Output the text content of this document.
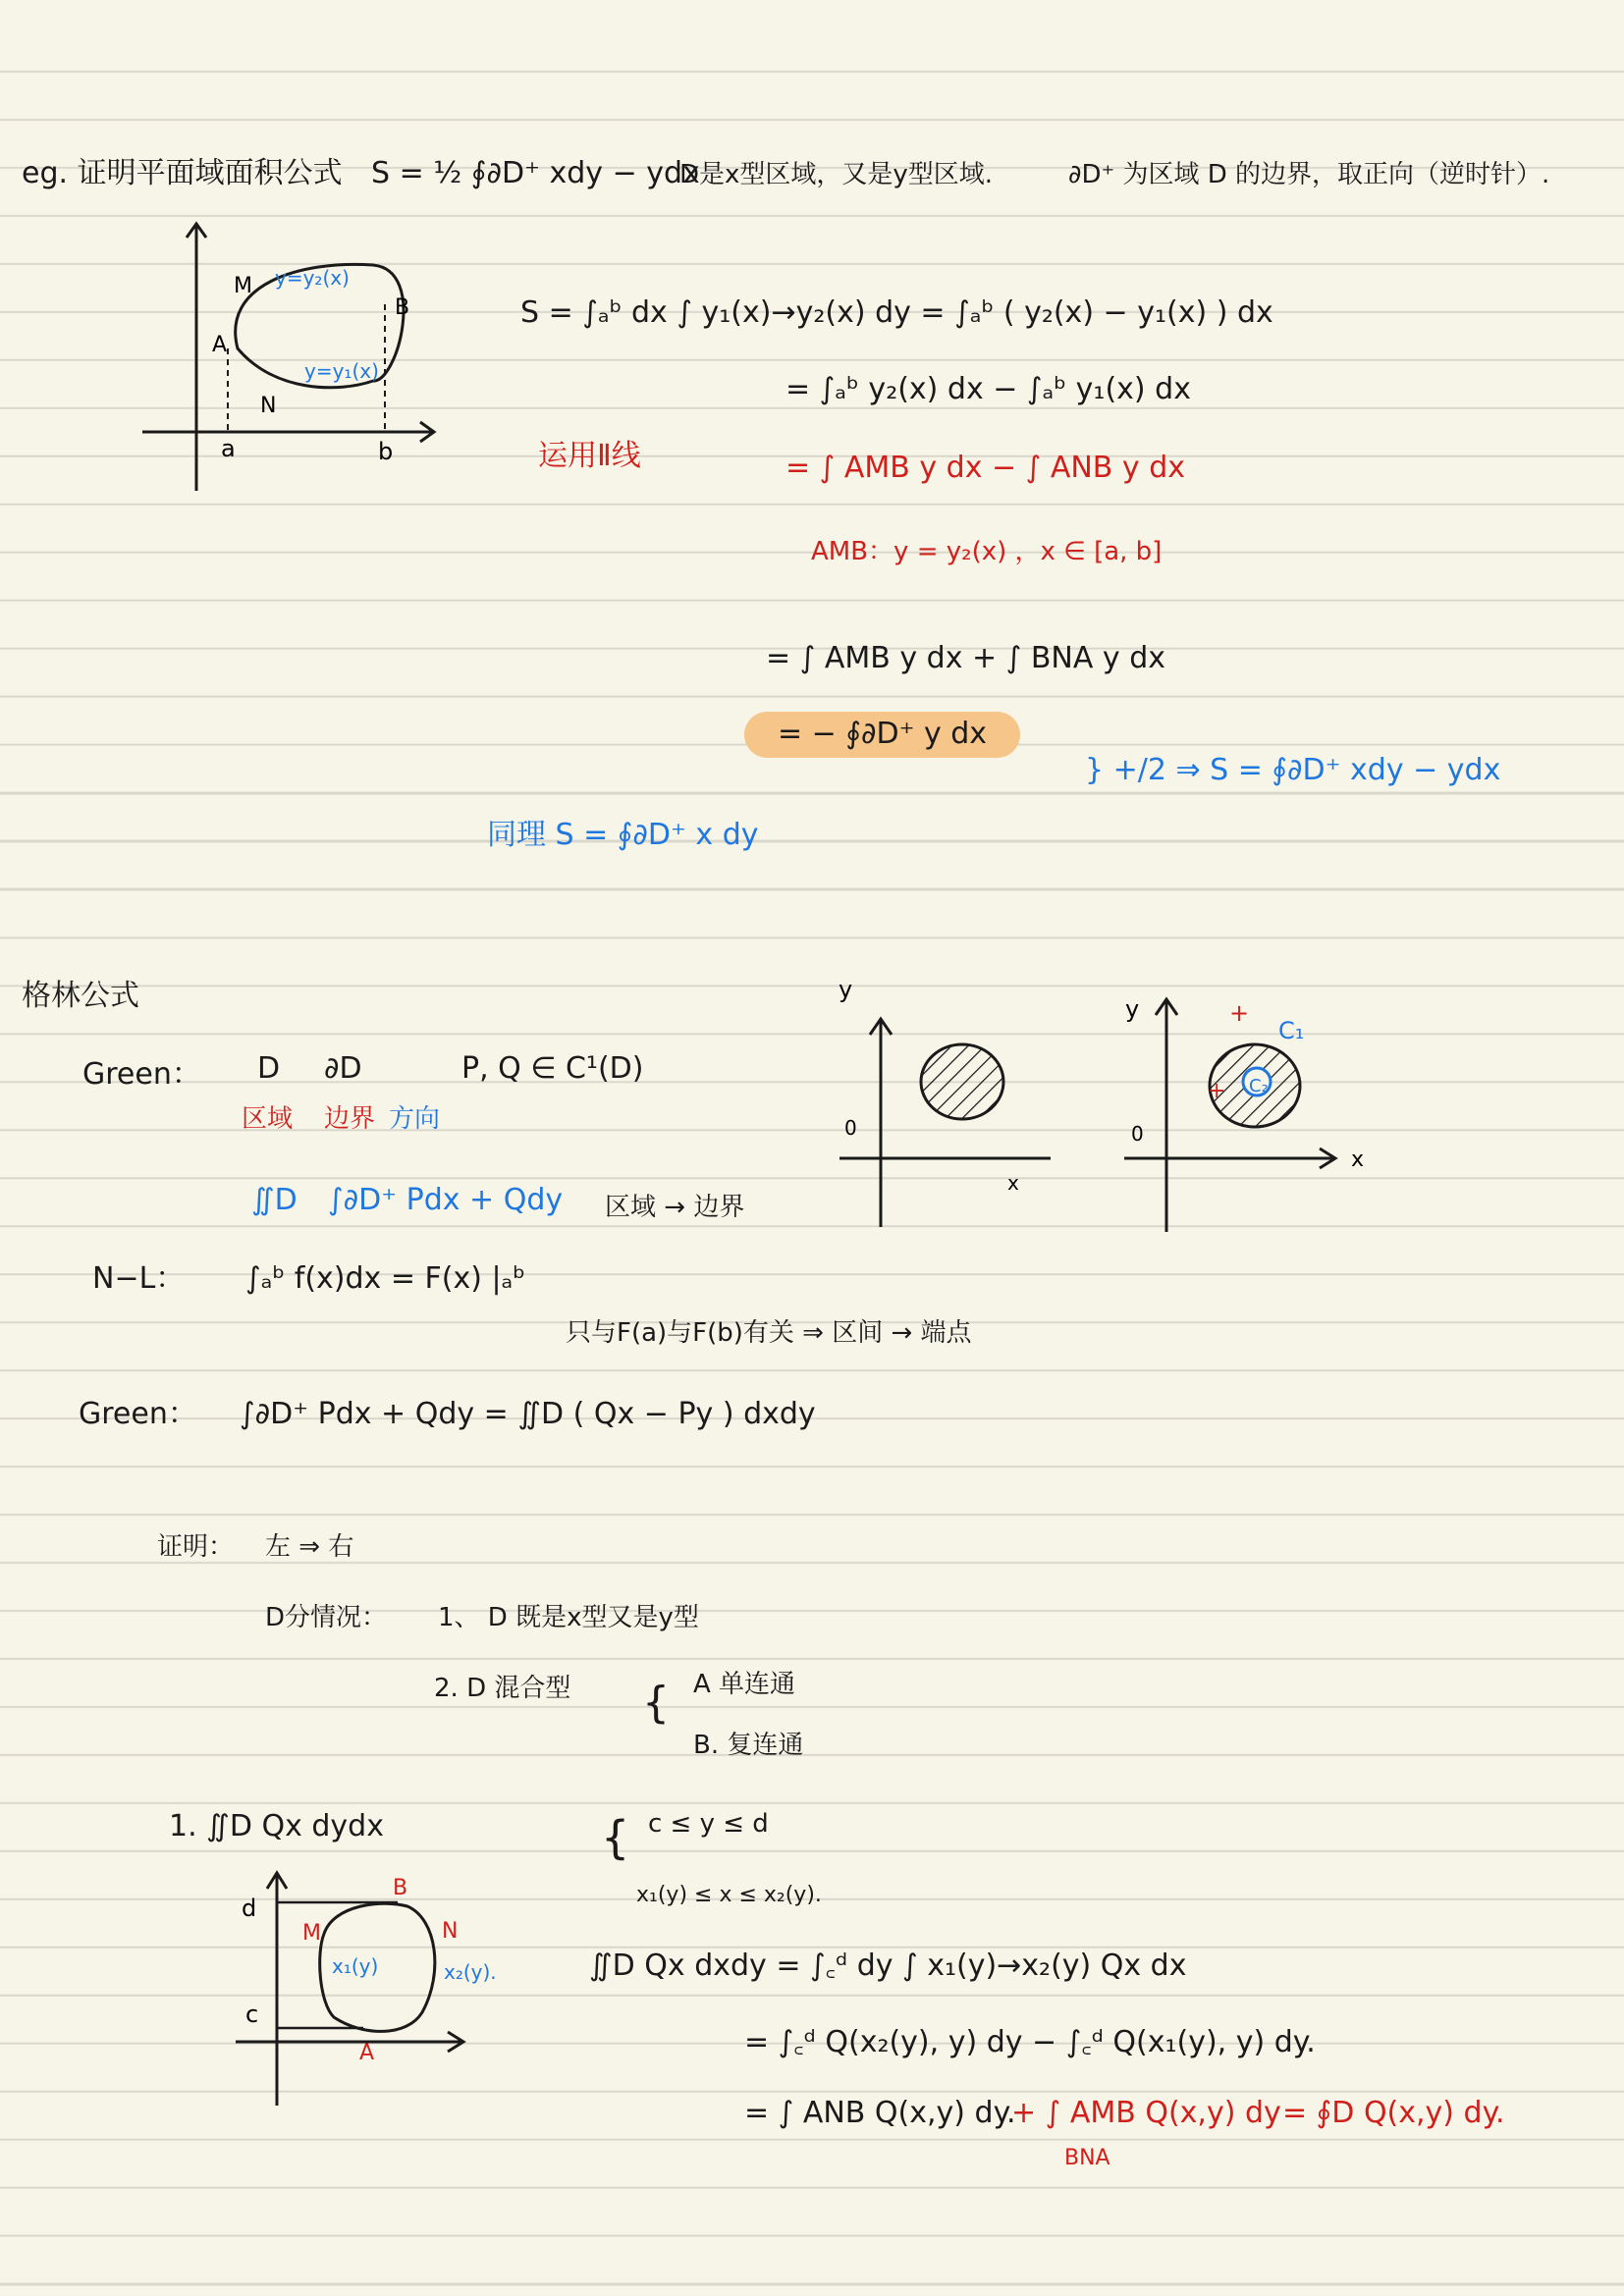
eg. 证明平面域面积公式 S = ½ ∮∂D⁺ xdy − ydx
D是x型区域，又是y型区域.	∂D⁺ 为区域 D 的边界，取正向（逆时针）.
M
A
B
N
y=y₂(x)
y=y₁(x)
a	b
S = ∫ₐᵇ dx ∫ y₁(x)→y₂(x) dy = ∫ₐᵇ ( y₂(x) − y₁(x) ) dx
= ∫ₐᵇ y₂(x) dx − ∫ₐᵇ y₁(x) dx
运用Ⅱ线	= ∫ AMB y dx − ∫ ANB y dx
AMB：y = y₂(x) ，x ∈ [a, b]
= ∫ AMB y dx + ∫ BNA y dx
= − ∮∂D⁺ y dx
同理 S = ∮∂D⁺ x dy
} +/2 ⇒ S = ∮∂D⁺ xdy − ydx
格林公式
Green： D ∂D	P, Q ∈ C¹(D)
区域 边界 方向
∬D ∫∂D⁺ Pdx + Qdy 区域 → 边界
N−L： ∫ₐᵇ f(x)dx = F(x) |ₐᵇ
只与F(a)与F(b)有关 ⇒ 区间 → 端点
Green： ∫∂D⁺ Pdx + Qdy = ∬D ( Qx − Py ) dxdy
y
0
x
y
0
x
+
+
C₁
C₂
证明： 左 ⇒ 右
D分情况： 1、 D 既是x型又是y型
2. D 混合型 { A 单连通
B. 复连通
1. ∬D Qx dydx	{ c ≤ y ≤ d
x₁(y) ≤ x ≤ x₂(y).
d
c
B
M	N
A
x₁(y)	x₂(y).	∬D Qx dxdy = ∫꜀ᵈ dy ∫ x₁(y)→x₂(y) Qx dx
= ∫꜀ᵈ Q(x₂(y), y) dy − ∫꜀ᵈ Q(x₁(y), y) dy.
= ∫ ANB Q(x,y) dy.
+ ∫ AMB Q(x,y) dy
BNA
= ∮D Q(x,y) dy.
